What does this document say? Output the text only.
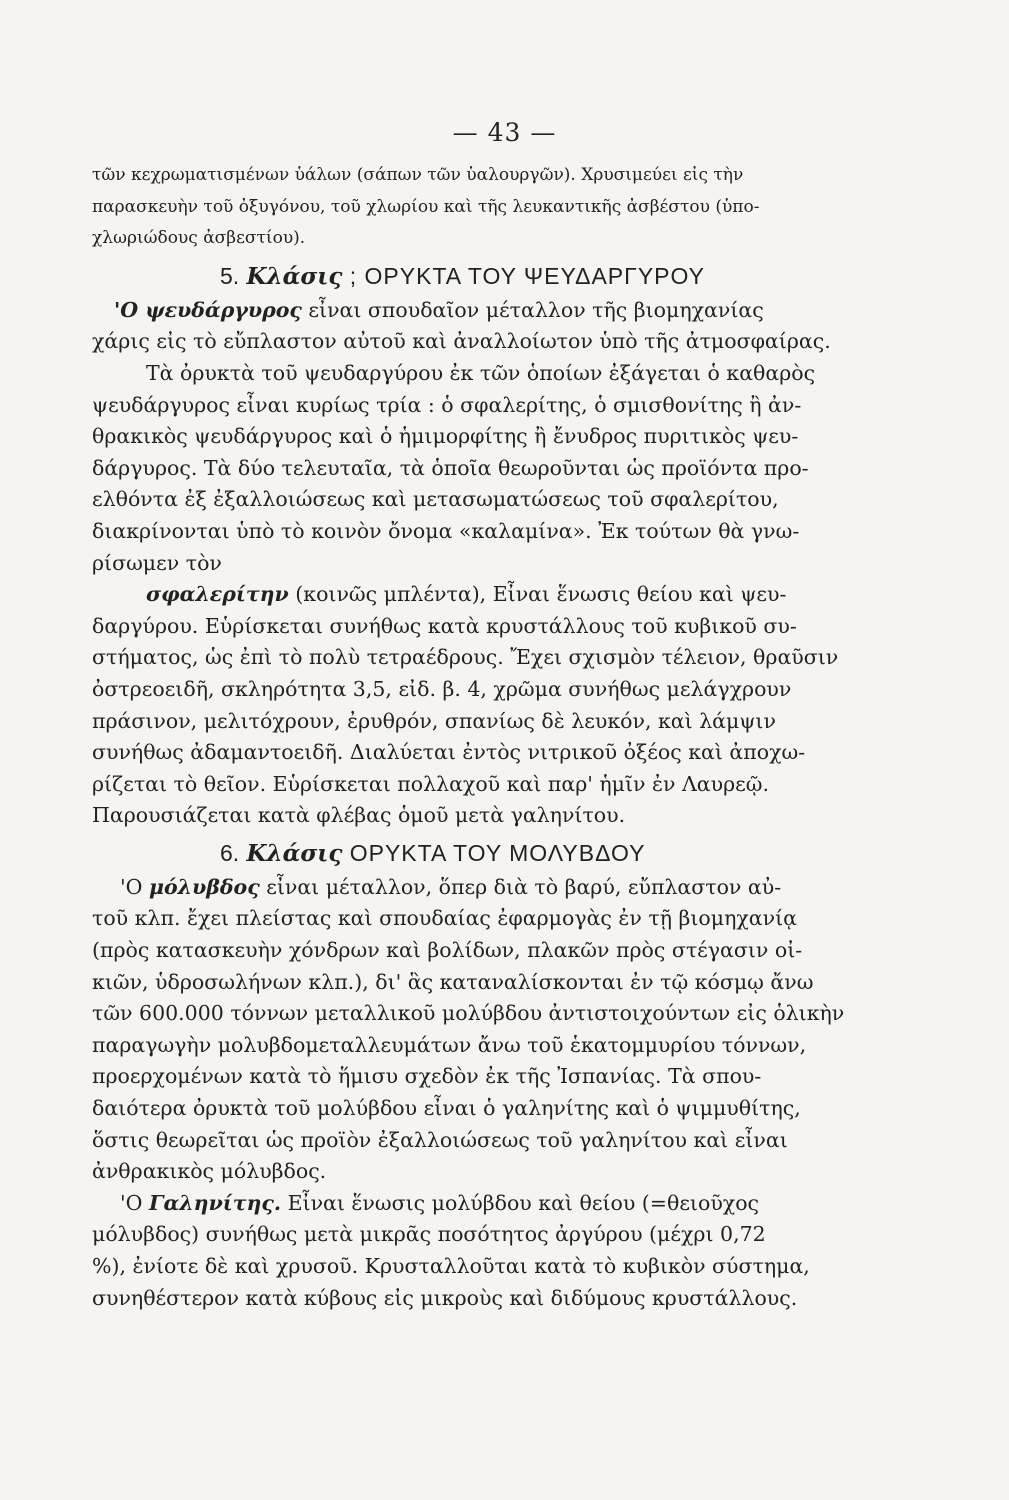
— 43 —
τῶν κεχρωματισμένων ὑάλων (σάπων τῶν ὑαλουργῶν). Χρυσιμεύει εἰς τὴν
παρασκευὴν τοῦ ὀξυγόνου, τοῦ χλωρίου καὶ τῆς λευκαντικῆς ἀσβέστου (ὑπο-
χλωριώδους ἀσβεστίου).
5. Κλάσις ; ΟΡΥΚΤΑ ΤΟΥ ΨΕΥΔΑΡΓΥΡΟΥ
'Ο ψευδάργυρος εἶναι σπουδαῖον μέταλλον τῆς βιομηχανίας
χάρις εἰς τὸ εὔπλαστον αὐτοῦ καὶ ἀναλλοίωτον ὑπὸ τῆς ἀτμοσφαίρας.
Τὰ ὀρυκτὰ τοῦ ψευδαργύρου ἐκ τῶν ὁποίων ἐξάγεται ὁ καθαρὸς
ψευδάργυρος εἶναι κυρίως τρία : ὁ σφαλερίτης, ὁ σμισθονίτης ἢ ἀν-
θρακικὸς ψευδάργυρος καὶ ὁ ἡμιμορφίτης ἢ ἔνυδρος πυριτικὸς ψευ-
δάργυρος. Τὰ δύο τελευταῖα, τὰ ὁποῖα θεωροῦνται ὡς προϊόντα προ-
ελθόντα ἐξ ἐξαλλοιώσεως καὶ μετασωματώσεως τοῦ σφαλερίτου,
διακρίνονται ὑπὸ τὸ κοινὸν ὄνομα «καλαμίνα». Ἐκ τούτων θὰ γνω-
ρίσωμεν τὸν
σφαλερίτην (κοινῶς μπλέντα), Εἶναι ἕνωσις θείου καὶ ψευ-
δαργύρου. Εὑρίσκεται συνήθως κατὰ κρυστάλλους τοῦ κυβικοῦ συ-
στήματος, ὡς ἐπὶ τὸ πολὺ τετραέδρους. Ἔχει σχισμὸν τέλειον, θραῦσιν
ὀστρεοειδῆ, σκληρότητα 3,5, εἰδ. β. 4, χρῶμα συνήθως μελάγχρουν
πράσινον, μελιτόχρουν, ἐρυθρόν, σπανίως δὲ λευκόν, καὶ λάμψιν
συνήθως ἀδαμαντοειδῆ. Διαλύεται ἐντὸς νιτρικοῦ ὀξέος καὶ ἀποχω-
ρίζεται τὸ θεῖον. Εὑρίσκεται πολλαχοῦ καὶ παρ' ἡμῖν ἐν Λαυρεῷ.
Παρουσιάζεται κατὰ φλέβας ὁμοῦ μετὰ γαληνίτου.
6. Κλάσις ΟΡΥΚΤΑ ΤΟΥ ΜΟΛΥΒΔΟΥ
'Ο μόλυβδος εἶναι μέταλλον, ὅπερ διὰ τὸ βαρύ, εὔπλαστον αὐ-
τοῦ κλπ. ἔχει πλείστας καὶ σπουδαίας ἐφαρμογὰς ἐν τῇ βιομηχανίᾳ
(πρὸς κατασκευὴν χόνδρων καὶ βολίδων, πλακῶν πρὸς στέγασιν οἰ-
κιῶν, ὑδροσωλήνων κλπ.), δι' ἃς καταναλίσκονται ἐν τῷ κόσμῳ ἄνω
τῶν 600.000 τόννων μεταλλικοῦ μολύβδου ἀντιστοιχούντων εἰς ὁλικὴν
παραγωγὴν μολυβδομεταλλευμάτων ἄνω τοῦ ἑκατομμυρίου τόννων,
προερχομένων κατὰ τὸ ἥμισυ σχεδὸν ἐκ τῆς Ἰσπανίας. Τὰ σπου-
δαιότερα ὀρυκτὰ τοῦ μολύβδου εἶναι ὁ γαληνίτης καὶ ὁ ψιμμυθίτης,
ὅστις θεωρεῖται ὡς προϊὸν ἐξαλλοιώσεως τοῦ γαληνίτου καὶ εἶναι
ἀνθρακικὸς μόλυβδος.
'Ο Γαληνίτης. Εἶναι ἕνωσις μολύβδου καὶ θείου (=θειοῦχος
μόλυβδος) συνήθως μετὰ μικρᾶς ποσότητος ἀργύρου (μέχρι 0,72
%), ἐνίοτε δὲ καὶ χρυσοῦ. Κρυσταλλοῦται κατὰ τὸ κυβικὸν σύστημα,
συνηθέστερον κατὰ κύβους εἰς μικροὺς καὶ διδύμους κρυστάλλους.
